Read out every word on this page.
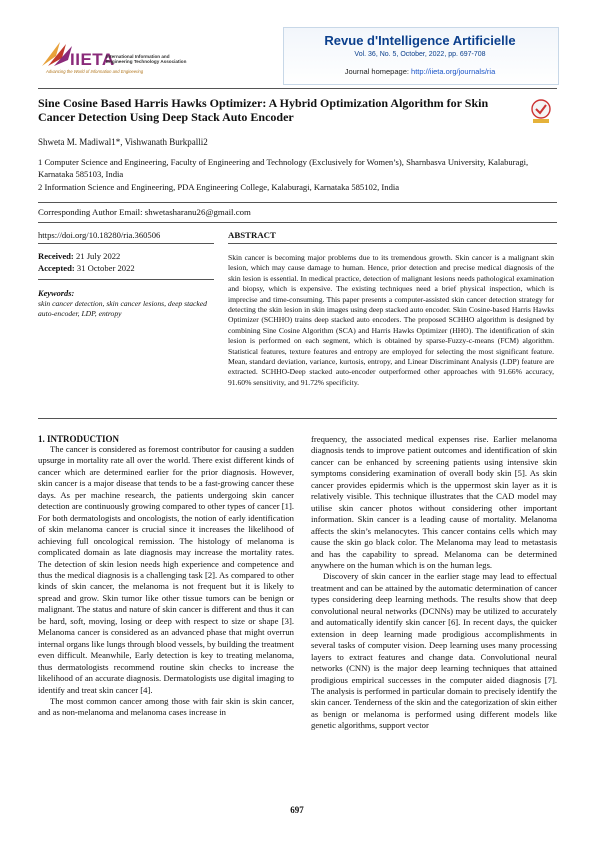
IIETA
International Information and Engineering Technology Association
Advancing the World of Information and Engineering
Revue d'Intelligence Artificielle
Vol. 36, No. 5, October, 2022, pp. 697-708
Journal homepage: http://iieta.org/journals/ria
Sine Cosine Based Harris Hawks Optimizer: A Hybrid Optimization Algorithm for Skin Cancer Detection Using Deep Stack Auto Encoder
Shweta M. Madiwal1*, Vishwanath Burkpalli2
1 Computer Science and Engineering, Faculty of Engineering and Technology (Exclusively for Women’s), Sharnbasva University, Kalaburagi, Karnataka 585103, India
2 Information Science and Engineering, PDA Engineering College, Kalaburagi, Karnataka 585102, India
Corresponding Author Email: shwetasharanu26@gmail.com
https://doi.org/10.18280/ria.360506	ABSTRACT
Received: 21 July 2022
Accepted: 31 October 2022
Keywords:
skin cancer detection, skin cancer lesions, deep stacked auto-encoder, LDP, entropy
Skin cancer is becoming major problems due to its tremendous growth. Skin cancer is a malignant skin lesion, which may cause damage to human. Hence, prior detection and precise medical diagnosis of the skin lesion is essential. In medical practice, detection of malignant lesions needs pathological examination and biopsy, which is expensive. The existing techniques need a brief physical inspection, which is imprecise and time-consuming. This paper presents a computer-assisted skin cancer detection strategy for detecting the skin lesion in skin images using deep stacked auto encoder. Skin Cosine-based Harris Hawks Optimizer (SCHHO) trains deep stacked auto encoders. The proposed SCHHO algorithm is designed by combining Sine Cosine Algorithm (SCA) and Harris Hawks Optimizer (HHO). The identification of skin lesion is performed on each segment, which is obtained by sparse-Fuzzy-c-means (FCM) algorithm. Statistical features, texture features and entropy are employed for selecting the most significant feature. Mean, standard deviation, variance, kurtosis, entropy, and Linear Discriminant Analysis (LDP) feature are extracted. SCHHO-Deep stacked auto-encoder outperformed other approaches with 91.66% accuracy, 91.60% sensitivity, and 91.72% specificity.
1. INTRODUCTION

The cancer is considered as foremost contributor for causing a sudden upsurge in mortality rate all over the world. There exist different kinds of cancer which are determined earlier for the prior diagnosis. However, skin cancer is a major disease that tends to be a fast-growing cancer these days. As per machine research, the patients undergoing skin cancer detection are continuously growing compared to other types of cancer [1]. For both dermatologists and oncologists, the notion of early identification of skin melanoma cancer is crucial since it increases the likelihood of achieving full oncological remission. The histology of melanoma is complicated domain as late diagnosis may increase the mortality rates. The detection of skin lesion needs high experience and competence and thus the medical diagnosis is a challenging task [2]. As compared to other kinds of skin cancer, the melanoma is not frequent but it is likely to spread and grow. Skin tumor like other tissue tumors can be benign or malignant. The status and nature of skin cancer is different and thus it can be hard, soft, moving, losing or deep with respect to size or shape [3]. Melanoma cancer is considered as an advanced phase that might overrun internal organs like lungs through blood vessels, by building the treatment even difficult. Meanwhile, Early detection is key to treating melanoma, thus dermatologists recommend routine skin checks to increase the likelihood of an accurate diagnosis. Dermatologists use digital imaging to identify and treat skin cancer [4].

The most common cancer among those with fair skin is skin cancer, and as non-melanoma and melanoma cases increase in

frequency, the associated medical expenses rise. Earlier melanoma diagnosis tends to improve patient outcomes and identification of skin cancer can be enhanced by screening patients using intensive skin symptoms considering examination of overall body skin [5]. As skin cancer provides epidermis which is the uppermost skin layer as it is relatively visible. This technique illustrates that the CAD model may utilise skin cancer photos without considering other important information. Skin cancer is a leading cause of mortality. Melanoma affects the skin’s melanocytes. This cancer contains cells which may cause the skin go black color. The Melanoma may lead to metastasis and has the capability to spread. Melanoma can be determined anywhere on the human which is on the human legs.

Discovery of skin cancer in the earlier stage may lead to effectual treatment and can be attained by the automatic determination of cancer types considering deep learning methods. The results show that deep convolutional neural networks (DCNNs) may be utilized to accurately and automatically identify skin cancer [6]. In recent days, the quicker extension in deep learning made prodigious accomplishments in several tasks of computer vision. Deep learning uses many processing layers to extract features and change data. Convolutional neural networks (CNN) is the major deep learning techniques that attained prodigious empirical successes in the computer aided diagnosis [7]. The analysis is performed in particular domain to precisely identify the skin cancer. Tenderness of the skin and the categorization of skin either as benign or melanoma is performed using different models like genetic algorithms, support vector

697
